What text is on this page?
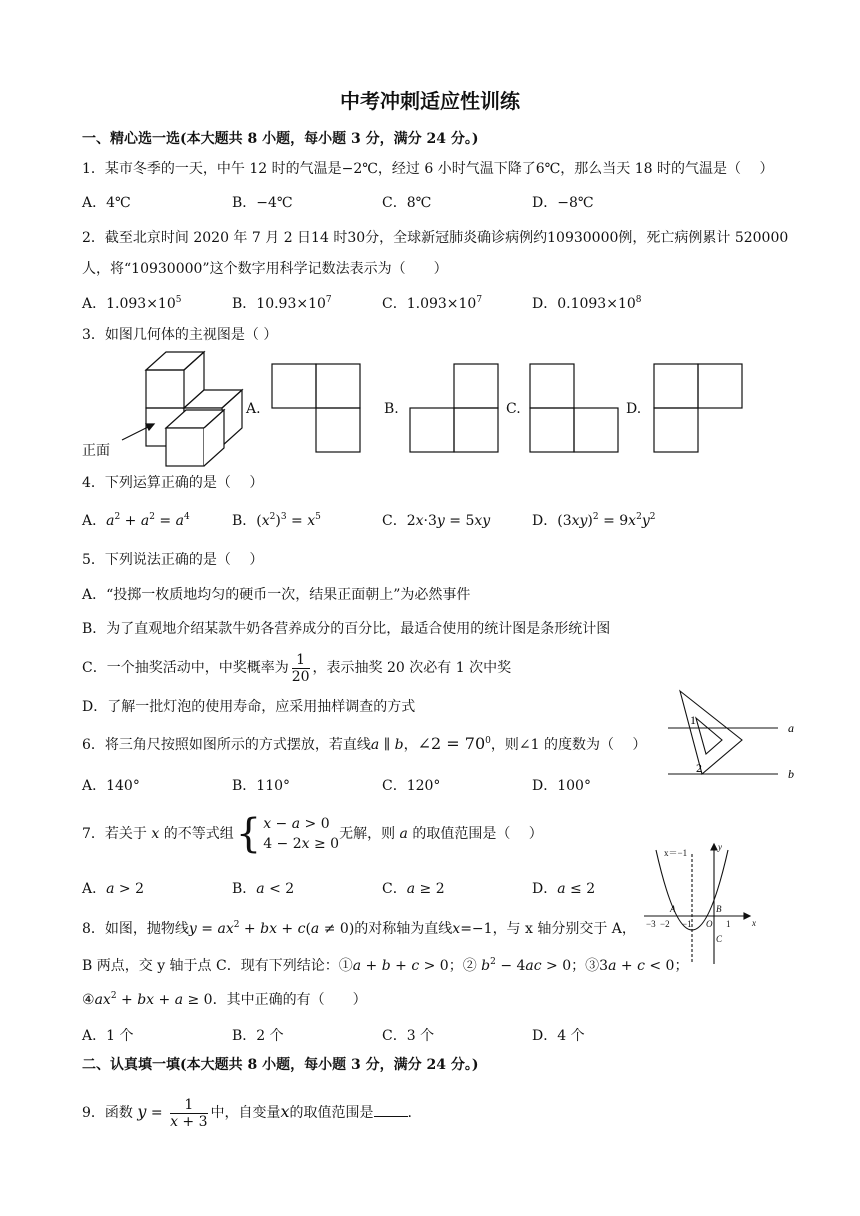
中考冲刺适应性训练
一、精心选一选(本大题共 8 小题，每小题 3 分，满分 24 分。)
1．某市冬季的一天，中午 12 时的气温是−2℃，经过 6 小时气温下降了6℃，那么当天 18 时的气温是（　 ）
A．4℃	B．−4℃	C．8℃	D．−8℃
2．截至北京时间 2020 年 7 月 2 日14 时30分，全球新冠肺炎确诊病例约10930000例，死亡病例累计 520000
人，将“10930000”这个数字用科学记数法表示为（　　）
A．$1.093\times 10^5$	B．$10.93\times 10^7$	C．$1.093\times 10^7$	D．$0.1093\times 10^8$
3．如图几何体的主视图是（ ）
正面
A.	B.	C.	D.
4．下列运算正确的是（　 ）
A．$a^2 + a^2 = a^4$	B．$(x^2)^3 = x^5$	C．2x·3y = 5xy	D．$(3xy)^2 = 9x^2y^2$
5．下列说法正确的是（　 ）
A．“投掷一枚质地均匀的硬币一次，结果正面朝上”为必然事件
B．为了直观地介绍某款牛奶各营养成分的百分比，最适合使用的统计图是条形统计图
C．一个抽奖活动中，中奖概率为 $\frac{1}{20}$ ，表示抽奖 20 次必有 1 次中奖
D．了解一批灯泡的使用寿命，应采用抽样调查的方式
6．将三角尺按照如图所示的方式摆放，若直线a ∥ b，∠2 = $70^0$，则∠1 的度数为（　 ）
A．140°	B．110°	C．120°	D．100°
a
b
1
2
7．若关于 x 的不等式组{ x − a > 0
4 − 2x ≥ 0无解，则 a 的取值范围是（　 ）
A．a > 2	B．a < 2	C．a ≥ 2	D．a ≤ 2
8．如图，抛物线$y = ax^2$ + bx + c(a ≠ 0)的对称轴为直线x=−1，与 x 轴分别交于 A，
B 两点，交 y 轴于点 C．现有下列结论：①a + b + c > 0；② $b^2 - 4ac > 0$；③3a + c < 0；
$④ax^2$ + bx + a ≥ 0．其中正确的有（　　）
A．1 个	B．2 个	C．3 个	D．4 个
x＝−1
y
x
A	B
C
O
−3 −2 −1	1
二、认真填一填(本大题共 8 小题，每小题 3 分，满分 24 分。)
9．函数 $y = \frac{1}{x + 3}$ 中，自变量x的取值范围是 .
